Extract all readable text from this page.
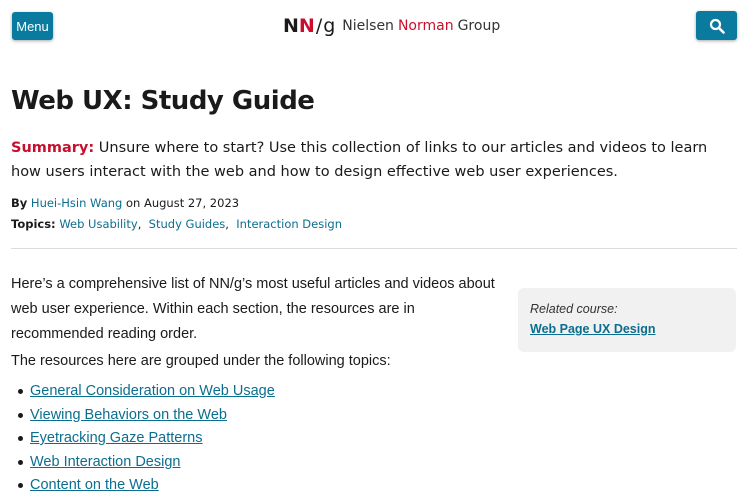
Menu	N N / g Nielsen Norman Group
Web UX: Study Guide

Summary: Unsure where to start? Use this collection of links to our articles and videos to learn how users interact with the web and how to design effective web user experiences.

By Huei-Hsin Wang on August 27, 2023
Topics: Web Usability,  Study Guides,  Interaction Design

Here’s a comprehensive list of NN/g’s most useful articles and videos about web user experience. Within each section, the resources are in recommended reading order.

The resources here are grouped under the following topics:

General Consideration on Web Usage
Viewing Behaviors on the Web
Eyetracking Gaze Patterns
Web Interaction Design
Content on the Web
Related course:
Web Page UX Design
